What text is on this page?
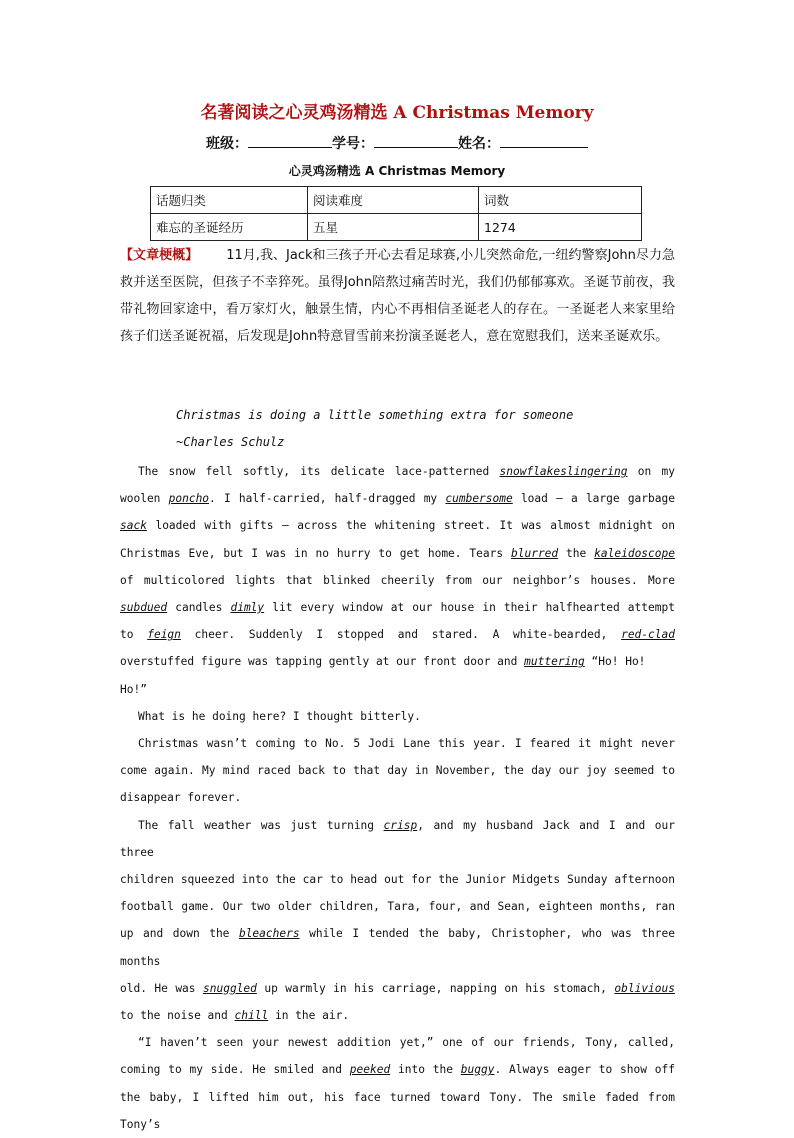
名著阅读之心灵鸡汤精选 A Christmas Memory
班级：	学号：	姓名：
心灵鸡汤精选 A Christmas Memory
话题归类	阅读难度	词数
难忘的圣诞经历	五星	1274
【文章梗概】 11月,我、Jack和三孩子开心去看足球赛,小儿突然命危,一纽约警察John尽力急救并送至医院，但孩子不幸猝死。虽得John陪熬过痛苦时光，我们仍郁郁寡欢。圣诞节前夜，我带礼物回家途中，看万家灯火，触景生情，内心不再相信圣诞老人的存在。一圣诞老人来家里给孩子们送圣诞祝福，后发现是John特意冒雪前来扮演圣诞老人，意在宽慰我们，送来圣诞欢乐。
Christmas is doing a little something extra for someone
~Charles Schulz

The snow fell softly, its delicate lace-patterned snowflakeslingering on my

woolen poncho. I half-carried, half-dragged my cumbersome load — a large garbage

sack loaded with gifts — across the whitening street. It was almost midnight on

Christmas Eve, but I was in no hurry to get home. Tears blurred the kaleidoscope

of multicolored lights that blinked cheerily from our neighbor’s houses. More

subdued candles dimly lit every window at our house in their halfhearted attempt

to feign cheer. Suddenly I stopped and stared. A white-bearded, red-clad

overstuffed figure was tapping gently at our front door and muttering “Ho! Ho! Ho!”

What is he doing here? I thought bitterly.

Christmas wasn’t coming to No. 5 Jodi Lane this year. I feared it might never

come again. My mind raced back to that day in November, the day our joy seemed to

disappear forever.

The fall weather was just turning crisp, and my husband Jack and I and our three

children squeezed into the car to head out for the Junior Midgets Sunday afternoon

football game. Our two older children, Tara, four, and Sean, eighteen months, ran

up and down the bleachers while I tended the baby, Christopher, who was three months

old. He was snuggled up warmly in his carriage, napping on his stomach, oblivious

to the noise and chill in the air.

“I haven’t seen your newest addition yet,” one of our friends, Tony, called,

coming to my side. He smiled and peeked into the buggy. Always eager to show off

the baby, I lifted him out, his face turned toward Tony. The smile faded from Tony’s
